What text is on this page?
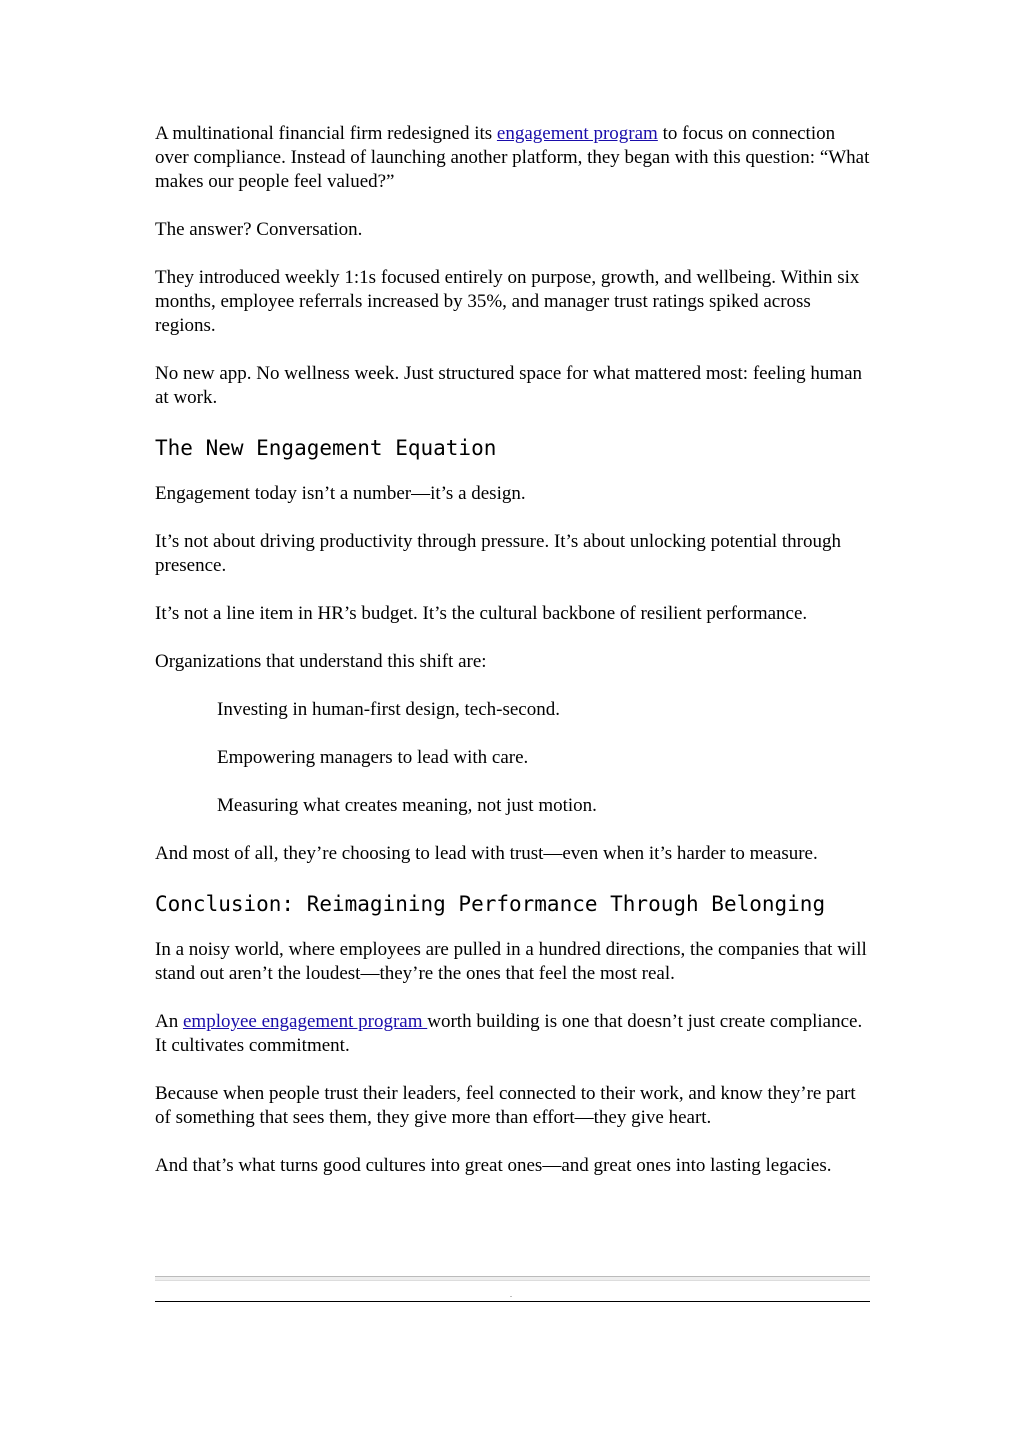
A multinational financial firm redesigned its engagement program to focus on connection over compliance. Instead of launching another platform, they began with this question: “What makes our people feel valued?”

The answer? Conversation.

They introduced weekly 1:1s focused entirely on purpose, growth, and wellbeing. Within six months, employee referrals increased by 35%, and manager trust ratings spiked across regions.

No new app. No wellness week. Just structured space for what mattered most: feeling human at work.

The New Engagement Equation

Engagement today isn’t a number—it’s a design.

It’s not about driving productivity through pressure. It’s about unlocking potential through presence.

It’s not a line item in HR’s budget. It’s the cultural backbone of resilient performance.

Organizations that understand this shift are:

Investing in human-first design, tech-second.

Empowering managers to lead with care.

Measuring what creates meaning, not just motion.

And most of all, they’re choosing to lead with trust—even when it’s harder to measure.

Conclusion: Reimagining Performance Through Belonging

In a noisy world, where employees are pulled in a hundred directions, the companies that will stand out aren’t the loudest—they’re the ones that feel the most real.

An employee engagement program worth building is one that doesn’t just create compliance. It cultivates commitment.

Because when people trust their leaders, feel connected to their work, and know they’re part of something that sees them, they give more than effort—they give heart.

And that’s what turns good cultures into great ones—and great ones into lasting legacies.

.
